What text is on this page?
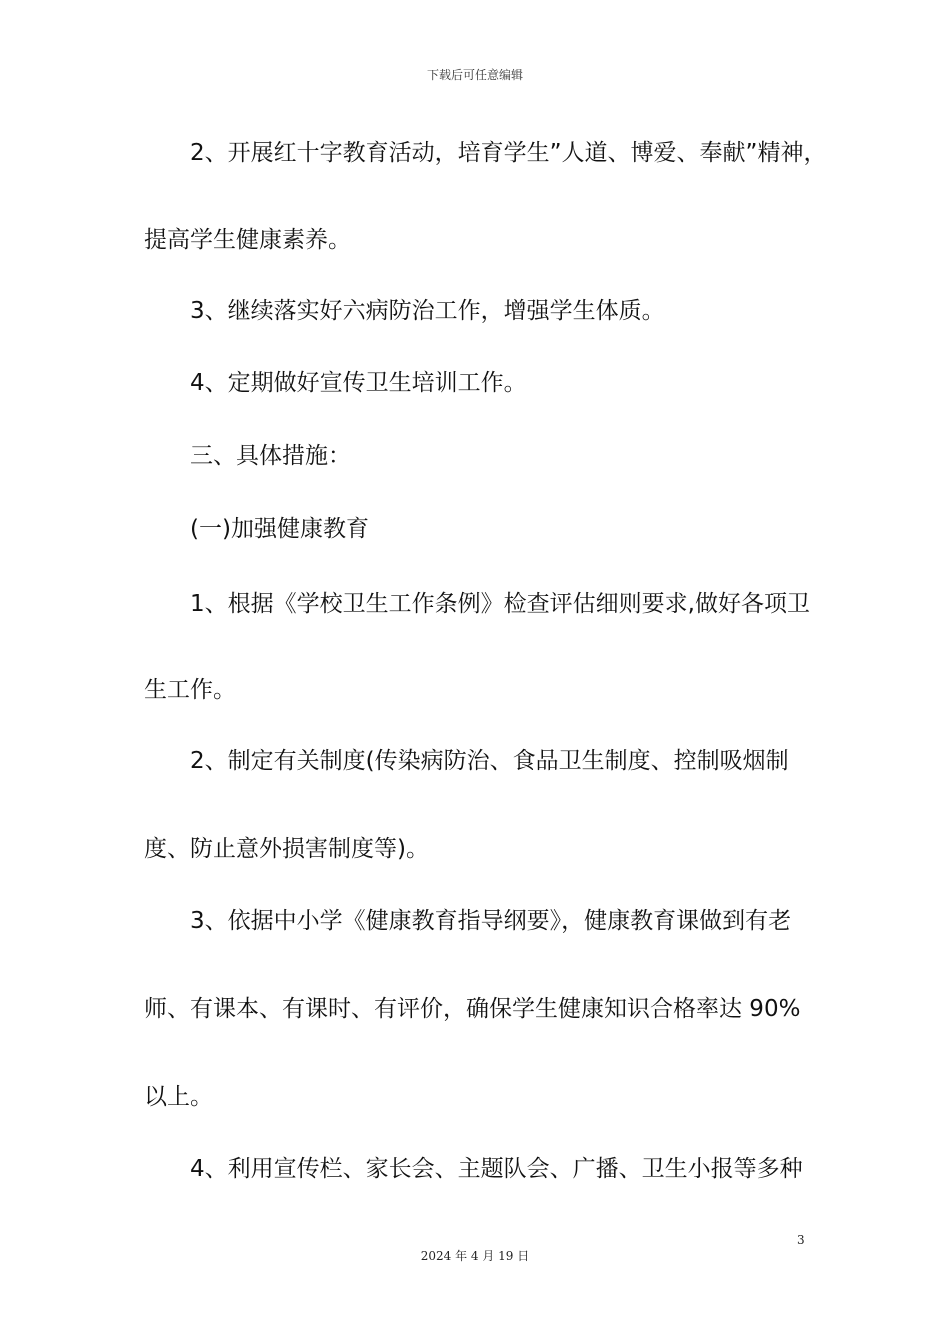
下载后可任意编辑
2、开展红十字教育活动，培育学生”人道、博爱、奉献”精神，
提高学生健康素养。
3、继续落实好六病防治工作，增强学生体质。
4、定期做好宣传卫生培训工作。
三、具体措施：
(一)加强健康教育
1、根据《学校卫生工作条例》检查评估细则要求,做好各项卫
生工作。
2、制定有关制度(传染病防治、食品卫生制度、控制吸烟制
度、防止意外损害制度等)。
3、依据中小学《健康教育指导纲要》，健康教育课做到有老
师、有课本、有课时、有评价，确保学生健康知识合格率达 90%
以上。
4、利用宣传栏、家长会、主题队会、广播、卫生小报等多种
3
2024 年 4 月 19 日
